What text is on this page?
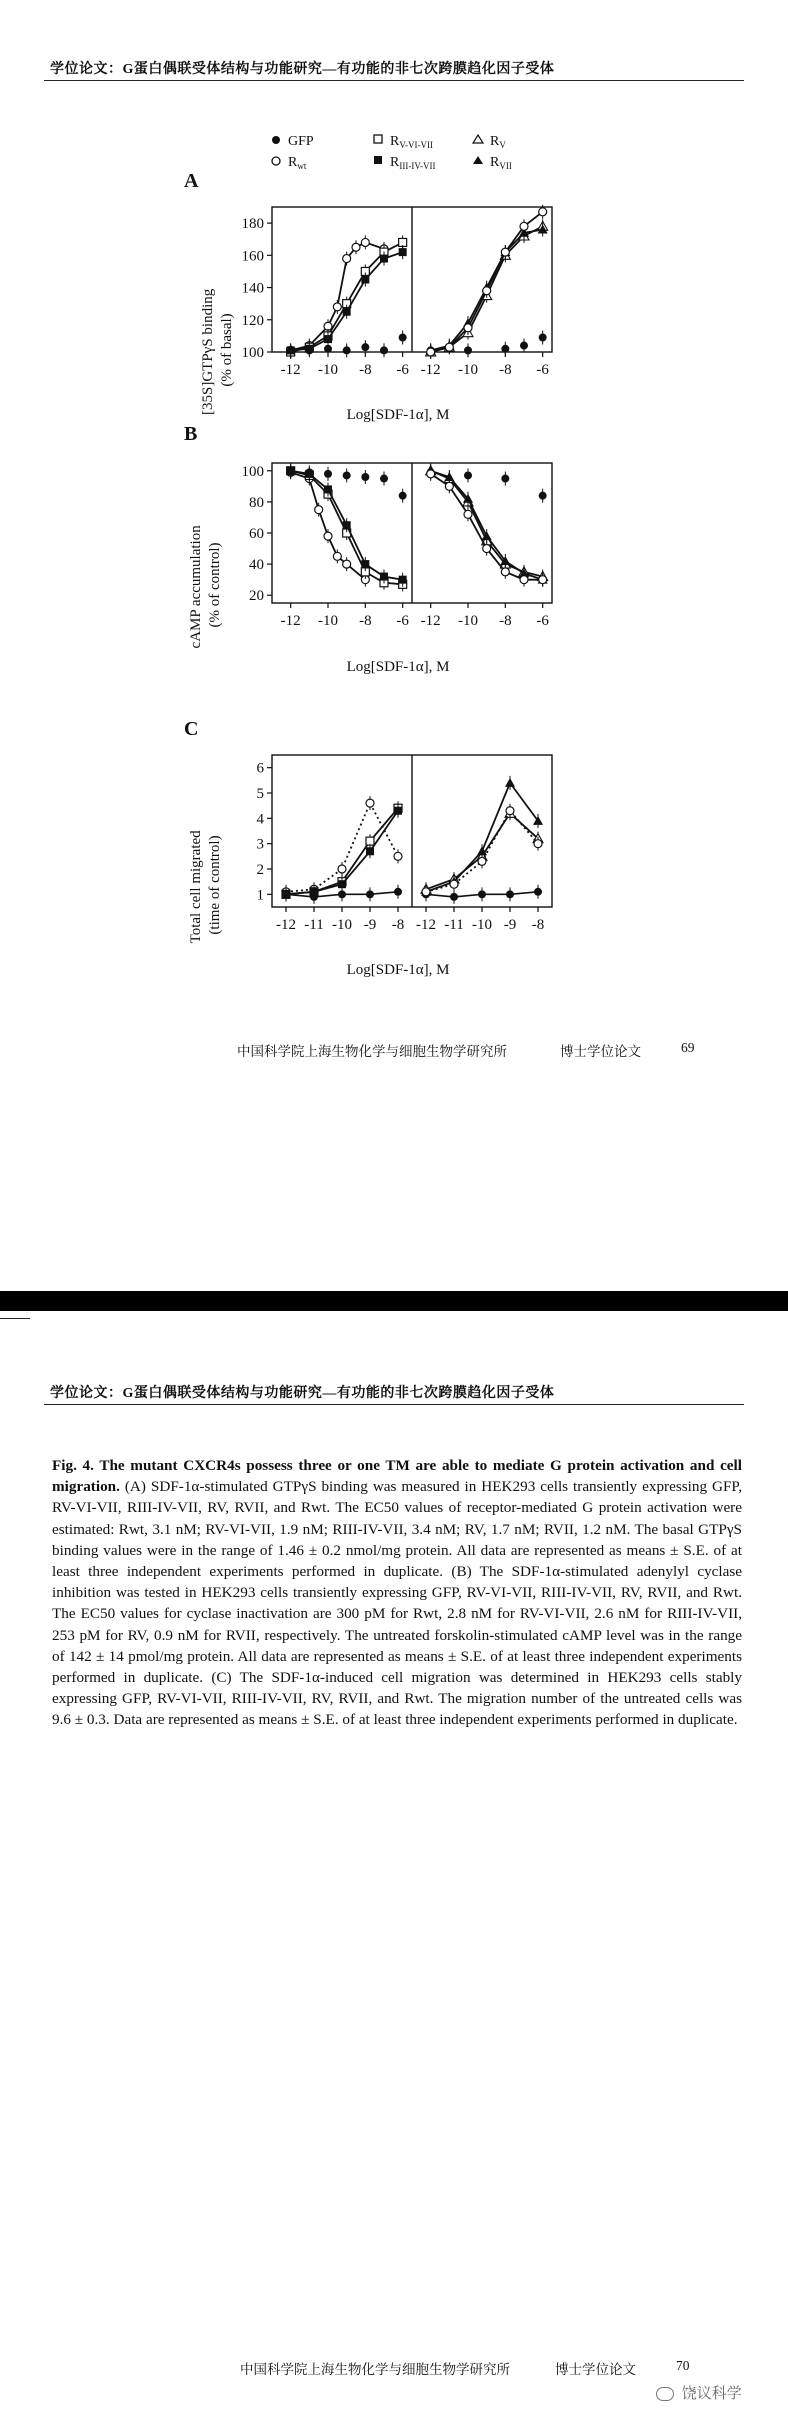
学位论文：G蛋白偶联受体结构与功能研究—有功能的非七次跨膜趋化因子受体
GFP	$R_{V-VI-VII}$	$R_V$
$R_{wt}$	$R_{III-IV-VII}$	$R_{VII}$
A
[35S]GTPγS binding (% of basal)
Log[SDF-1α], M
B
cAMP accumulation (% of control)
Log[SDF-1α], M
C
Total cell migrated (time of control)
Log[SDF-1α], M
100
120
140
160
180
-12 -10 -8 -6 -12 -10 -8 -6
20
40
60
80
100
-12 -10 -8 -6 -12 -10 -8 -6
1
2
3
4
5
6
-12 -11 -10 -9 -8 -12 -11 -10 -9 -8
中国科学院上海生物化学与细胞生物学研究所	博士学位论文	69
学位论文：G蛋白偶联受体结构与功能研究—有功能的非七次跨膜趋化因子受体
Fig. 4. The mutant CXCR4s possess three or one TM are able to mediate G protein activation and cell migration. (A) SDF-1α-stimulated GTPγS binding was measured in HEK293 cells transiently expressing GFP, RV-VI-VII, RIII-IV-VII, RV, RVII, and Rwt. The EC50 values of receptor-mediated G protein activation were estimated: Rwt, 3.1 nM; RV-VI-VII, 1.9 nM; RIII-IV-VII, 3.4 nM; RV, 1.7 nM; RVII, 1.2 nM. The basal GTPγS binding values were in the range of 1.46 ± 0.2 nmol/mg protein. All data are represented as means ± S.E. of at least three independent experiments performed in duplicate. (B) The SDF-1α-stimulated adenylyl cyclase inhibition was tested in HEK293 cells transiently expressing GFP, RV-VI-VII, RIII-IV-VII, RV, RVII, and Rwt. The EC50 values for cyclase inactivation are 300 pM for Rwt, 2.8 nM for RV-VI-VII, 2.6 nM for RIII-IV-VII, 253 pM for RV, 0.9 nM for RVII, respectively. The untreated forskolin-stimulated cAMP level was in the range of 142 ± 14 pmol/mg protein. All data are represented as means ± S.E. of at least three independent experiments performed in duplicate. (C) The SDF-1α-induced cell migration was determined in HEK293 cells stably expressing GFP, RV-VI-VII, RIII-IV-VII, RV, RVII, and Rwt. The migration number of the untreated cells was 9.6 ± 0.3. Data are represented as means ± S.E. of at least three independent experiments performed in duplicate.
中国科学院上海生物化学与细胞生物学研究所	博士学位论文	70
饶议科学
